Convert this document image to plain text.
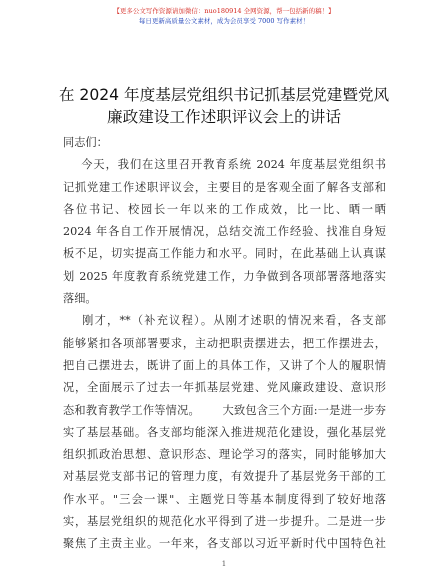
【更多公文写作资源请加微信：nuo180914 全网资源，帮一包括新的稿！】
每日更新高质量公文素材，成为会员享受 7000 写作素材！
在 2024 年度基层党组织书记抓基层党建暨党风
廉政建设工作述职评议会上的讲话
同志们：
今天，我们在这里召开教育系统 2024 年度基层党组织书
记抓党建工作述职评议会，主要目的是客观全面了解各支部和
各位书记、校园长一年以来的工作成效，比一比、晒一晒
2024 年各自工作开展情况，总结交流工作经验、找准自身短
板不足，切实提高工作能力和水平。同时，在此基础上认真谋
划 2025 年度教育系统党建工作，力争做到各项部署落地落实
落细。
刚才，**（补充议程）。从刚才述职的情况来看，各支部
能够紧扣各项部署要求，主动把职责摆进去，把工作摆进去，
把自己摆进去，既讲了面上的具体工作，又讲了个人的履职情
况，全面展示了过去一年抓基层党建、党风廉政建设、意识形
态和教育教学工作等情况。      大致包含三个方面:一是进一步夯
实了基层基础。各支部均能深入推进规范化建设，强化基层党
组织抓政治思想、意识形态、理论学习的落实，同时能够加大
对基层党支部书记的管理力度，有效提升了基层党务干部的工
作水平。"三会一课"、主题党日等基本制度得到了较好地落
实，基层党组织的规范化水平得到了进一步提升。二是进一步
聚焦了主责主业。一年来，各支部以习近平新时代中国特色社
1
